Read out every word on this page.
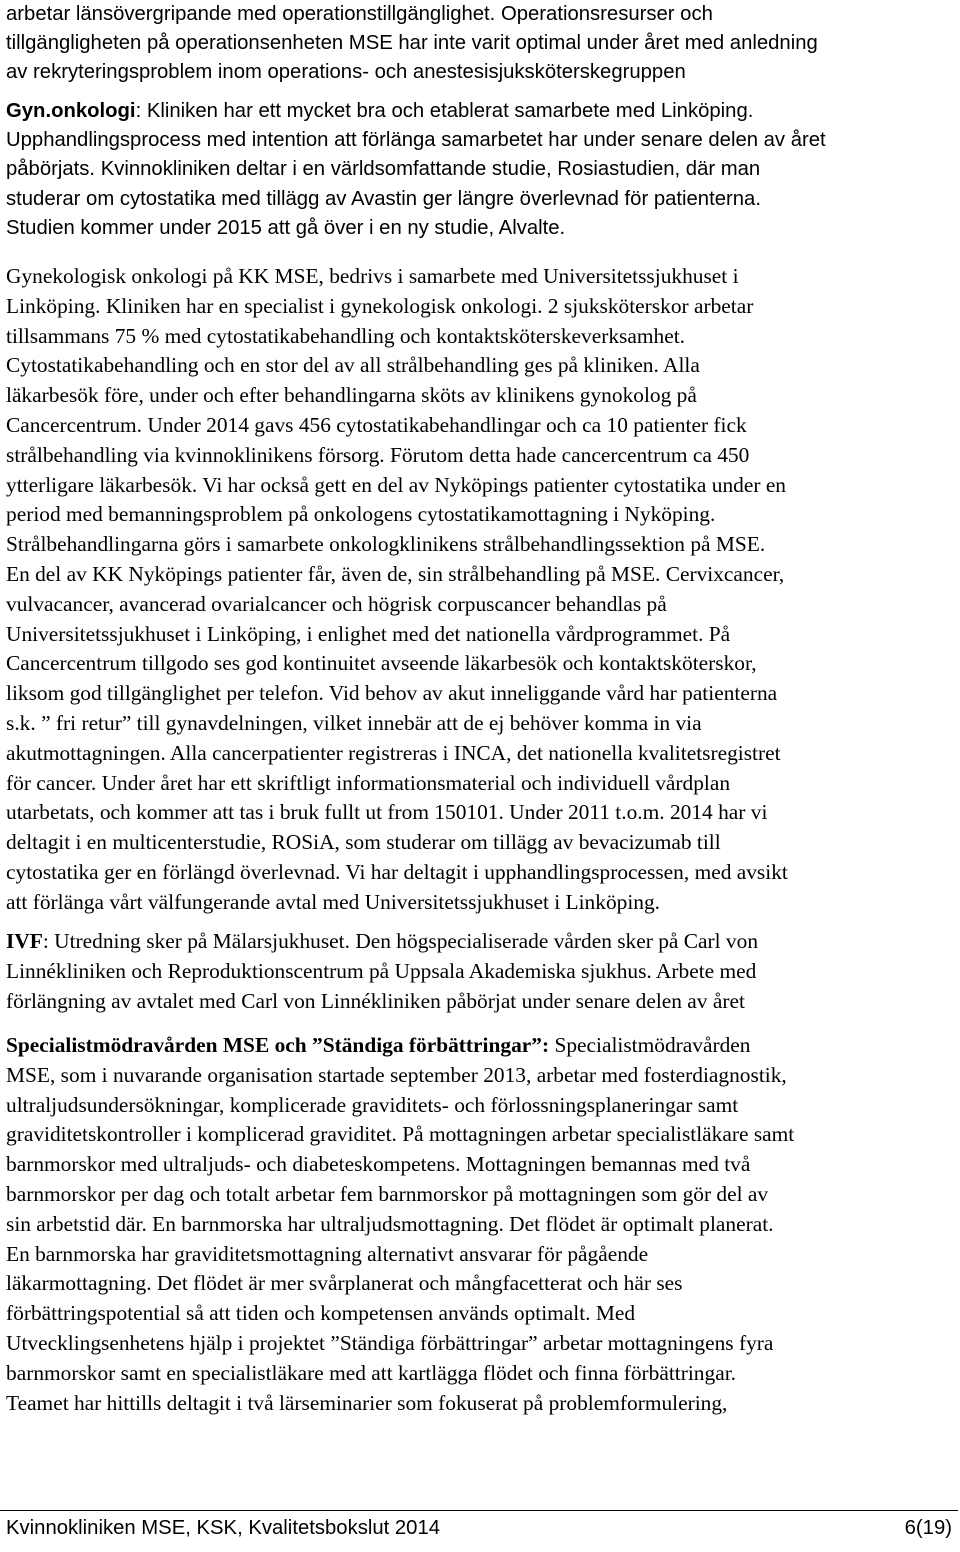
arbetar länsövergripande med operationstillgänglighet. Operationsresurser och
tillgängligheten på operationsenheten MSE har inte varit optimal under året med anledning
av rekryteringsproblem inom operations- och anestesisjuksköterskegruppen

Gyn.onkologi: Kliniken har ett mycket bra och etablerat samarbete med Linköping.
Upphandlingsprocess med intention att förlänga samarbetet har under senare delen av året
påbörjats. Kvinnokliniken deltar i en världsomfattande studie, Rosiastudien, där man
studerar om cytostatika med tillägg av Avastin ger längre överlevnad för patienterna.
Studien kommer under 2015 att gå över i en ny studie, Alvalte.

Gynekologisk onkologi på KK MSE, bedrivs i samarbete med Universitetssjukhuset i
Linköping. Kliniken har en specialist i gynekologisk onkologi. 2 sjuksköterskor arbetar
tillsammans 75 % med cytostatikabehandling och kontaktsköterskeverksamhet.
Cytostatikabehandling och en stor del av all strålbehandling ges på kliniken. Alla
läkarbesök före, under och efter behandlingarna sköts av klinikens gynokolog på
Cancercentrum. Under 2014 gavs 456 cytostatikabehandlingar och ca 10 patienter fick
strålbehandling via kvinnoklinikens försorg. Förutom detta hade cancercentrum ca 450
ytterligare läkarbesök. Vi har också gett en del av Nyköpings patienter cytostatika under en
period med bemanningsproblem på onkologens cytostatikamottagning i Nyköping.
Strålbehandlingarna görs i samarbete onkologklinikens strålbehandlingssektion på MSE.
En del av KK Nyköpings patienter får, även de, sin strålbehandling på MSE. Cervixcancer,
vulvacancer, avancerad ovarialcancer och högrisk corpuscancer behandlas på
Universitetssjukhuset i Linköping, i enlighet med det nationella vårdprogrammet. På
Cancercentrum tillgodo ses god kontinuitet avseende läkarbesök och kontaktsköterskor,
liksom god tillgänglighet per telefon. Vid behov av akut inneliggande vård har patienterna
s.k. ” fri retur” till gynavdelningen, vilket innebär att de ej behöver komma in via
akutmottagningen. Alla cancerpatienter registreras i INCA, det nationella kvalitetsregistret
för cancer. Under året har ett skriftligt informationsmaterial och individuell vårdplan
utarbetats, och kommer att tas i bruk fullt ut from 150101. Under 2011 t.o.m. 2014 har vi
deltagit i en multicenterstudie, ROSiA, som studerar om tillägg av bevacizumab till
cytostatika ger en förlängd överlevnad. Vi har deltagit i upphandlingsprocessen, med avsikt
att förlänga vårt välfungerande avtal med Universitetssjukhuset i Linköping.

IVF: Utredning sker på Mälarsjukhuset. Den högspecialiserade vården sker på Carl von
Linnékliniken och Reproduktionscentrum på Uppsala Akademiska sjukhus. Arbete med
förlängning av avtalet med Carl von Linnékliniken påbörjat under senare delen av året

Specialistmödravården MSE och ”Ständiga förbättringar”: Specialistmödravården
MSE, som i nuvarande organisation startade september 2013, arbetar med fosterdiagnostik,
ultraljudsundersökningar, komplicerade graviditets- och förlossningsplaneringar samt
graviditetskontroller i komplicerad graviditet. På mottagningen arbetar specialistläkare samt
barnmorskor med ultraljuds- och diabeteskompetens. Mottagningen bemannas med två
barnmorskor per dag och totalt arbetar fem barnmorskor på mottagningen som gör del av
sin arbetstid där. En barnmorska har ultraljudsmottagning. Det flödet är optimalt planerat.
En barnmorska har graviditetsmottagning alternativt ansvarar för pågående
läkarmottagning. Det flödet är mer svårplanerat och mångfacetterat och här ses
förbättringspotential så att tiden och kompetensen används optimalt. Med
Utvecklingsenhetens hjälp i projektet ”Ständiga förbättringar” arbetar mottagningens fyra
barnmorskor samt en specialistläkare med att kartlägga flödet och finna förbättringar.
Teamet har hittills deltagit i två lärseminarier som fokuserat på problemformulering,

Kvinnokliniken MSE, KSK, Kvalitetsbokslut 2014	6(19)
